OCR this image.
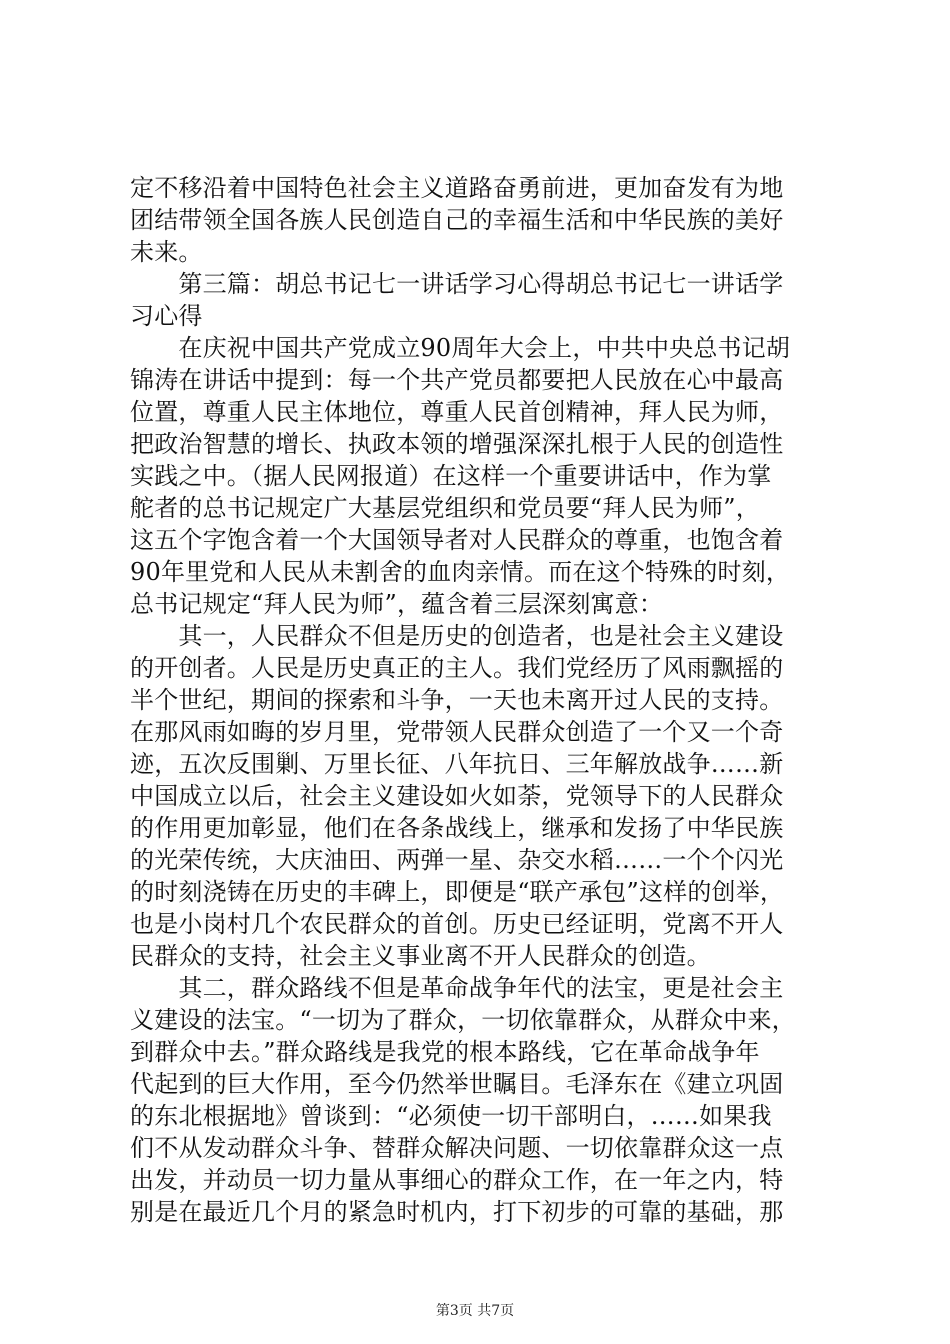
定不移沿着中国特色社会主义道路奋勇前进，更加奋发有为地
团结带领全国各族人民创造自己的幸福生活和中华民族的美好
未来。
　　第三篇：胡总书记七一讲话学习心得胡总书记七一讲话学
习心得
　　在庆祝中国共产党成立90周年大会上，中共中央总书记胡
锦涛在讲话中提到：每一个共产党员都要把人民放在心中最高
位置，尊重人民主体地位，尊重人民首创精神，拜人民为师，
把政治智慧的增长、执政本领的增强深深扎根于人民的创造性
实践之中。（据人民网报道）在这样一个重要讲话中，作为掌
舵者的总书记规定广大基层党组织和党员要“拜人民为师”，
这五个字饱含着一个大国领导者对人民群众的尊重，也饱含着
90年里党和人民从未割舍的血肉亲情。而在这个特殊的时刻，
总书记规定“拜人民为师”，蕴含着三层深刻寓意：
　　其一，人民群众不但是历史的创造者，也是社会主义建设
的开创者。人民是历史真正的主人。我们党经历了风雨飘摇的
半个世纪，期间的探索和斗争，一天也未离开过人民的支持。
在那风雨如晦的岁月里，党带领人民群众创造了一个又一个奇
迹，五次反围剿、万里长征、八年抗日、三年解放战争……新
中国成立以后，社会主义建设如火如荼，党领导下的人民群众
的作用更加彰显，他们在各条战线上，继承和发扬了中华民族
的光荣传统，大庆油田、两弹一星、杂交水稻……一个个闪光
的时刻浇铸在历史的丰碑上，即便是“联产承包”这样的创举，
也是小岗村几个农民群众的首创。历史已经证明，党离不开人
民群众的支持，社会主义事业离不开人民群众的创造。
　　其二，群众路线不但是革命战争年代的法宝，更是社会主
义建设的法宝。“一切为了群众，一切依靠群众，从群众中来，
到群众中去。”群众路线是我党的根本路线，它在革命战争年
代起到的巨大作用，至今仍然举世瞩目。毛泽东在《建立巩固
的东北根据地》曾谈到：“必须使一切干部明白，……如果我
们不从发动群众斗争、替群众解决问题、一切依靠群众这一点
出发，并动员一切力量从事细心的群众工作，在一年之内，特
别是在最近几个月的紧急时机内，打下初步的可靠的基础，那
第3页 共7页
